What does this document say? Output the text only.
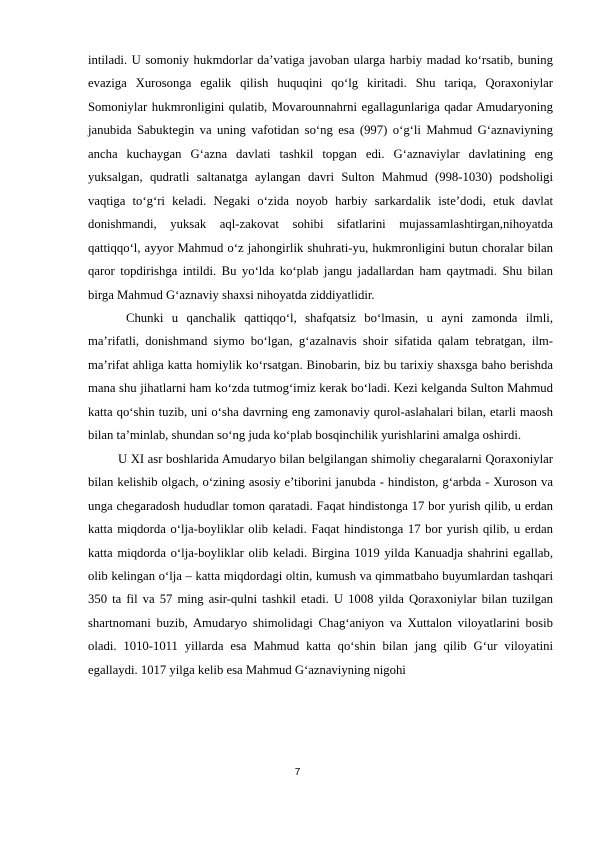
intiladi. U somoniy hukmdorlar da’vatiga javoban ularga harbiy madad ko‘rsatib, buning evaziga Xurosonga egalik qilish huquqini qo‘lg kiritadi. Shu tariqa, Qoraxoniylar Somoniylar hukmronligini qulatib, Movarounnahrni egallagunlariga qadar Amudaryoning janubida Sabuktegin va uning vafotidan so‘ng esa (997) o‘g‘li Mahmud G‘aznaviyning ancha kuchaygan G‘azna davlati tashkil topgan edi. G‘aznaviylar davlatining eng yuksalgan, qudratli saltanatga aylangan davri Sulton Mahmud (998-1030) podsholigi vaqtiga to‘g‘ri keladi. Negaki o‘zida noyob harbiy sarkardalik iste’dodi, etuk davlat donishmandi, yuksak aql-zakovat sohibi sifatlarini mujassamlashtirgan,nihoyatda qattiqqo‘l, ayyor Mahmud o‘z jahongirlik shuhrati-yu, hukmronligini butun choralar bilan qaror topdirishga intildi. Bu yo‘lda ko‘plab jangu jadallardan ham qaytmadi. Shu bilan birga Mahmud G‘aznaviy shaxsi nihoyatda ziddiyatlidir.

Chunki u qanchalik qattiqqo‘l, shafqatsiz bo‘lmasin, u ayni zamonda ilmli, ma’rifatli, donishmand siymo bo‘lgan, g‘azalnavis shoir sifatida qalam tebratgan, ilm-ma’rifat ahliga katta homiylik ko‘rsatgan. Binobarin, biz bu tarixiy shaxsga baho berishda mana shu jihatlarni ham ko‘zda tutmog‘imiz kerak bo‘ladi. Kezi kelganda Sulton Mahmud katta qo‘shin tuzib, uni o‘sha davrning eng zamonaviy qurol-aslahalari bilan, etarli maosh bilan ta’minlab, shundan so‘ng juda ko‘plab bosqinchilik yurishlarini amalga oshirdi.

U XI asr boshlarida Amudaryo bilan belgilangan shimoliy chegaralarni Qoraxoniylar bilan kelishib olgach, o‘zining asosiy e’tiborini janubda - hindiston, g‘arbda - Xuroson va unga chegaradosh hududlar tomon qaratadi. Faqat hindistonga 17 bor yurish qilib, u erdan katta miqdorda o‘lja-boyliklar olib keladi. Faqat hindistonga 17 bor yurish qilib, u erdan katta miqdorda o‘lja-boyliklar olib keladi. Birgina 1019 yilda Kanuadja shahrini egallab, olib kelingan o‘lja – katta miqdordagi oltin, kumush va qimmatbaho buyumlardan tashqari 350 ta fil va 57 ming asir-qulni tashkil etadi. U 1008 yilda Qoraxoniylar bilan tuzilgan shartnomani buzib, Amudaryo shimolidagi Chag‘aniyon va Xuttalon viloyatlarini bosib oladi. 1010-1011 yillarda esa Mahmud katta qo‘shin bilan jang qilib G‘ur viloyatini egallaydi. 1017 yilga kelib esa Mahmud G‘aznaviyning nigohi

7
